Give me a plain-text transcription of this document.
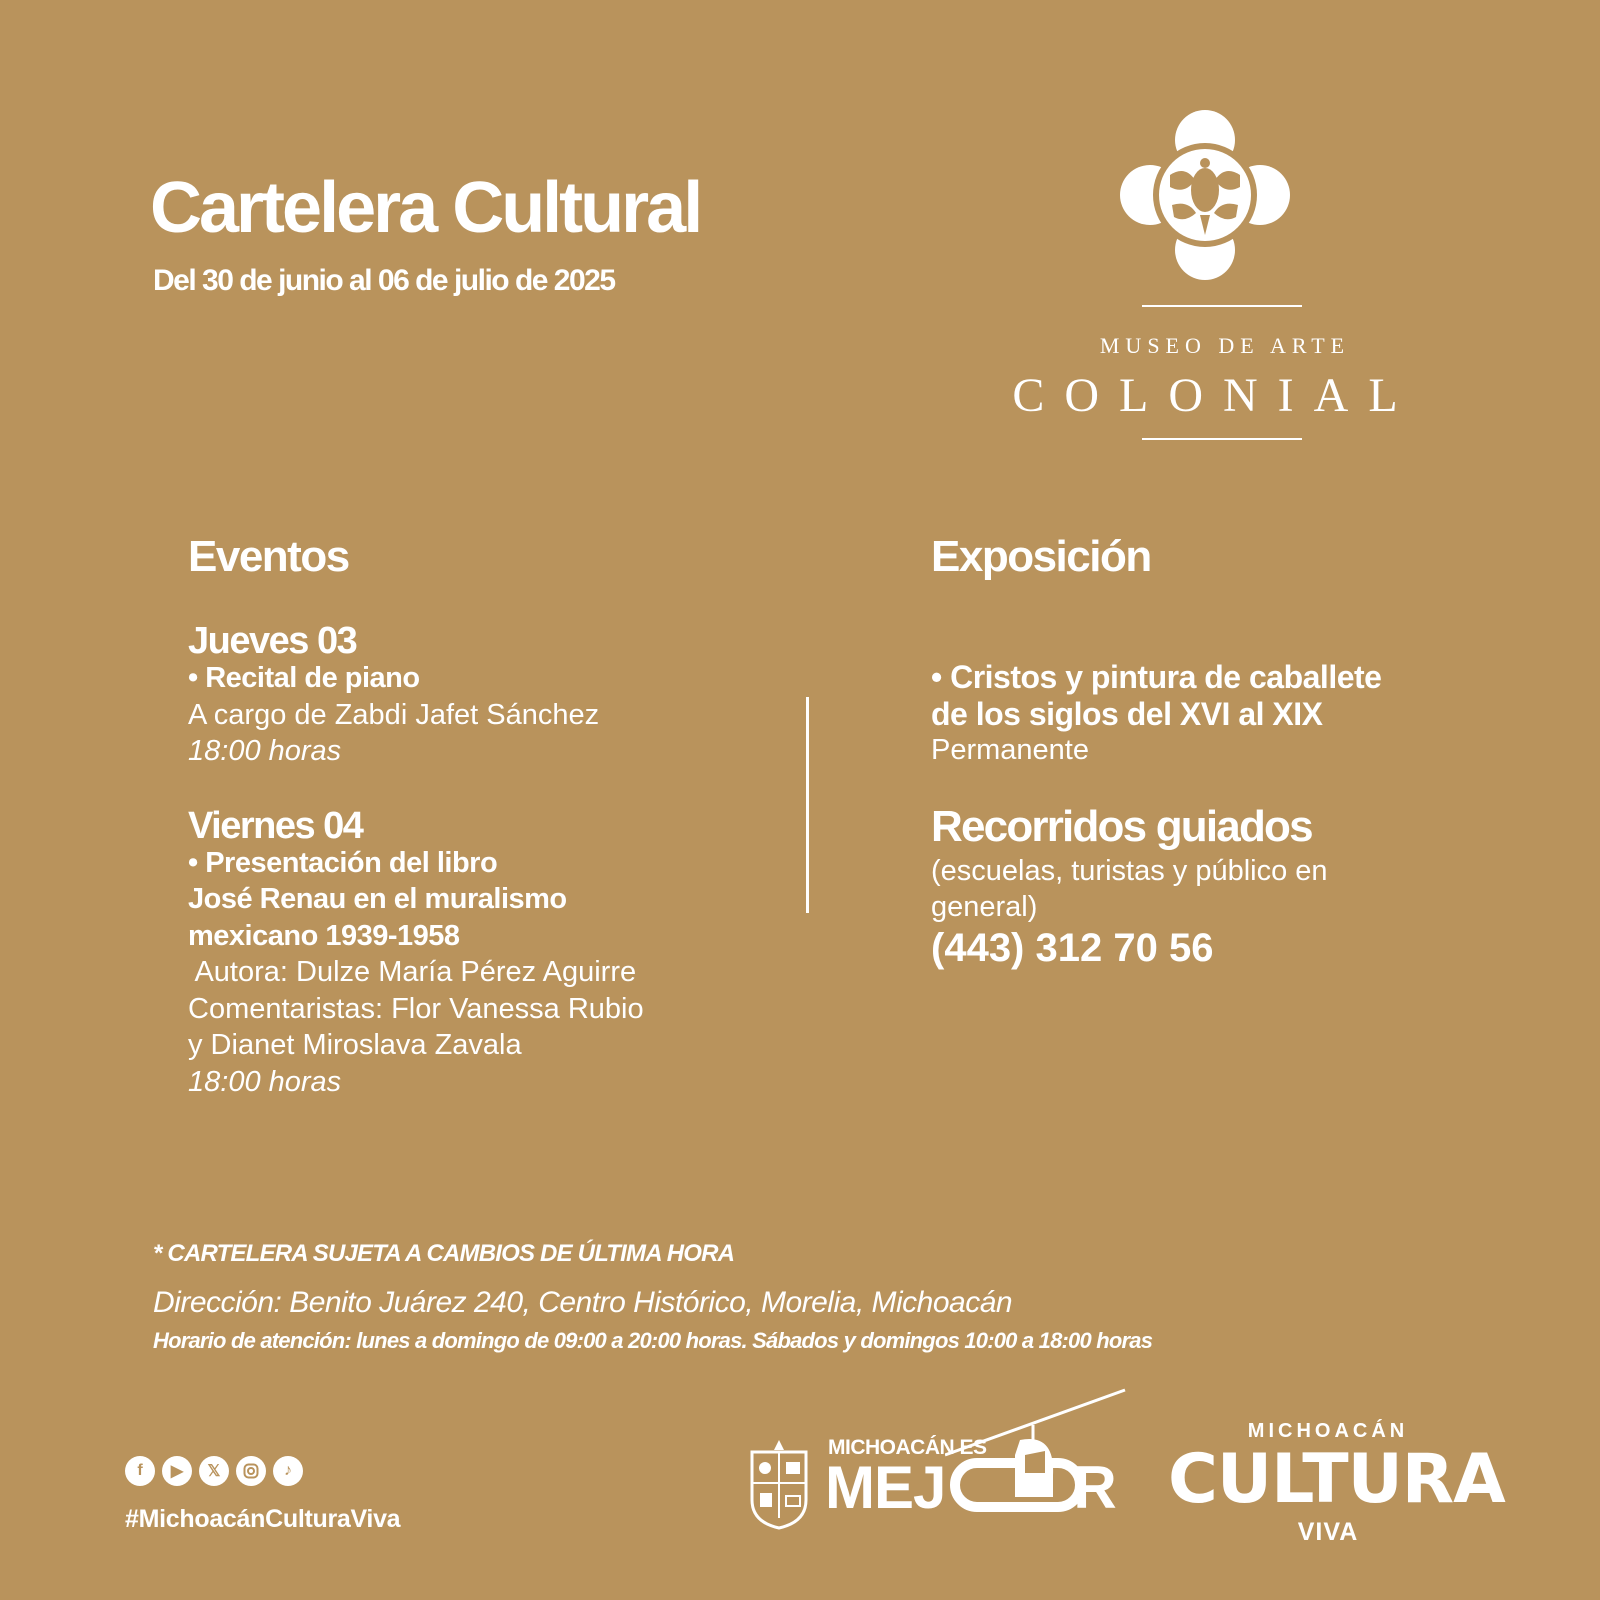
Cartelera Cultural
Del 30 de junio al 06 de julio de 2025
MUSEO DE ARTE
COLONIAL
Eventos
Jueves 03
• Recital de piano
A cargo de Zabdi Jafet Sánchez
18:00 horas
Viernes 04
• Presentación del libro
José Renau en el muralismo
mexicano 1939-1958
Autora: Dulze María Pérez Aguirre
Comentaristas: Flor Vanessa Rubio
y Dianet Miroslava Zavala
18:00 horas
Exposición
• Cristos y pintura de caballete
de los siglos del XVI al XIX
Permanente
Recorridos guiados
(escuelas, turistas y público en
general)
(443) 312 70 56
* CARTELERA SUJETA A CAMBIOS DE ÚLTIMA HORA
Dirección: Benito Juárez 240, Centro Histórico, Morelia, Michoacán
Horario de atención: lunes a domingo de 09:00 a 20:00 horas. Sábados y domingos 10:00 a 18:00 horas
f	▶	𝕏	♪
#MichoacánCulturaViva
MICHOACÁN ES
MEJ R
MICHOACÁN
CULTURA
VIVA
